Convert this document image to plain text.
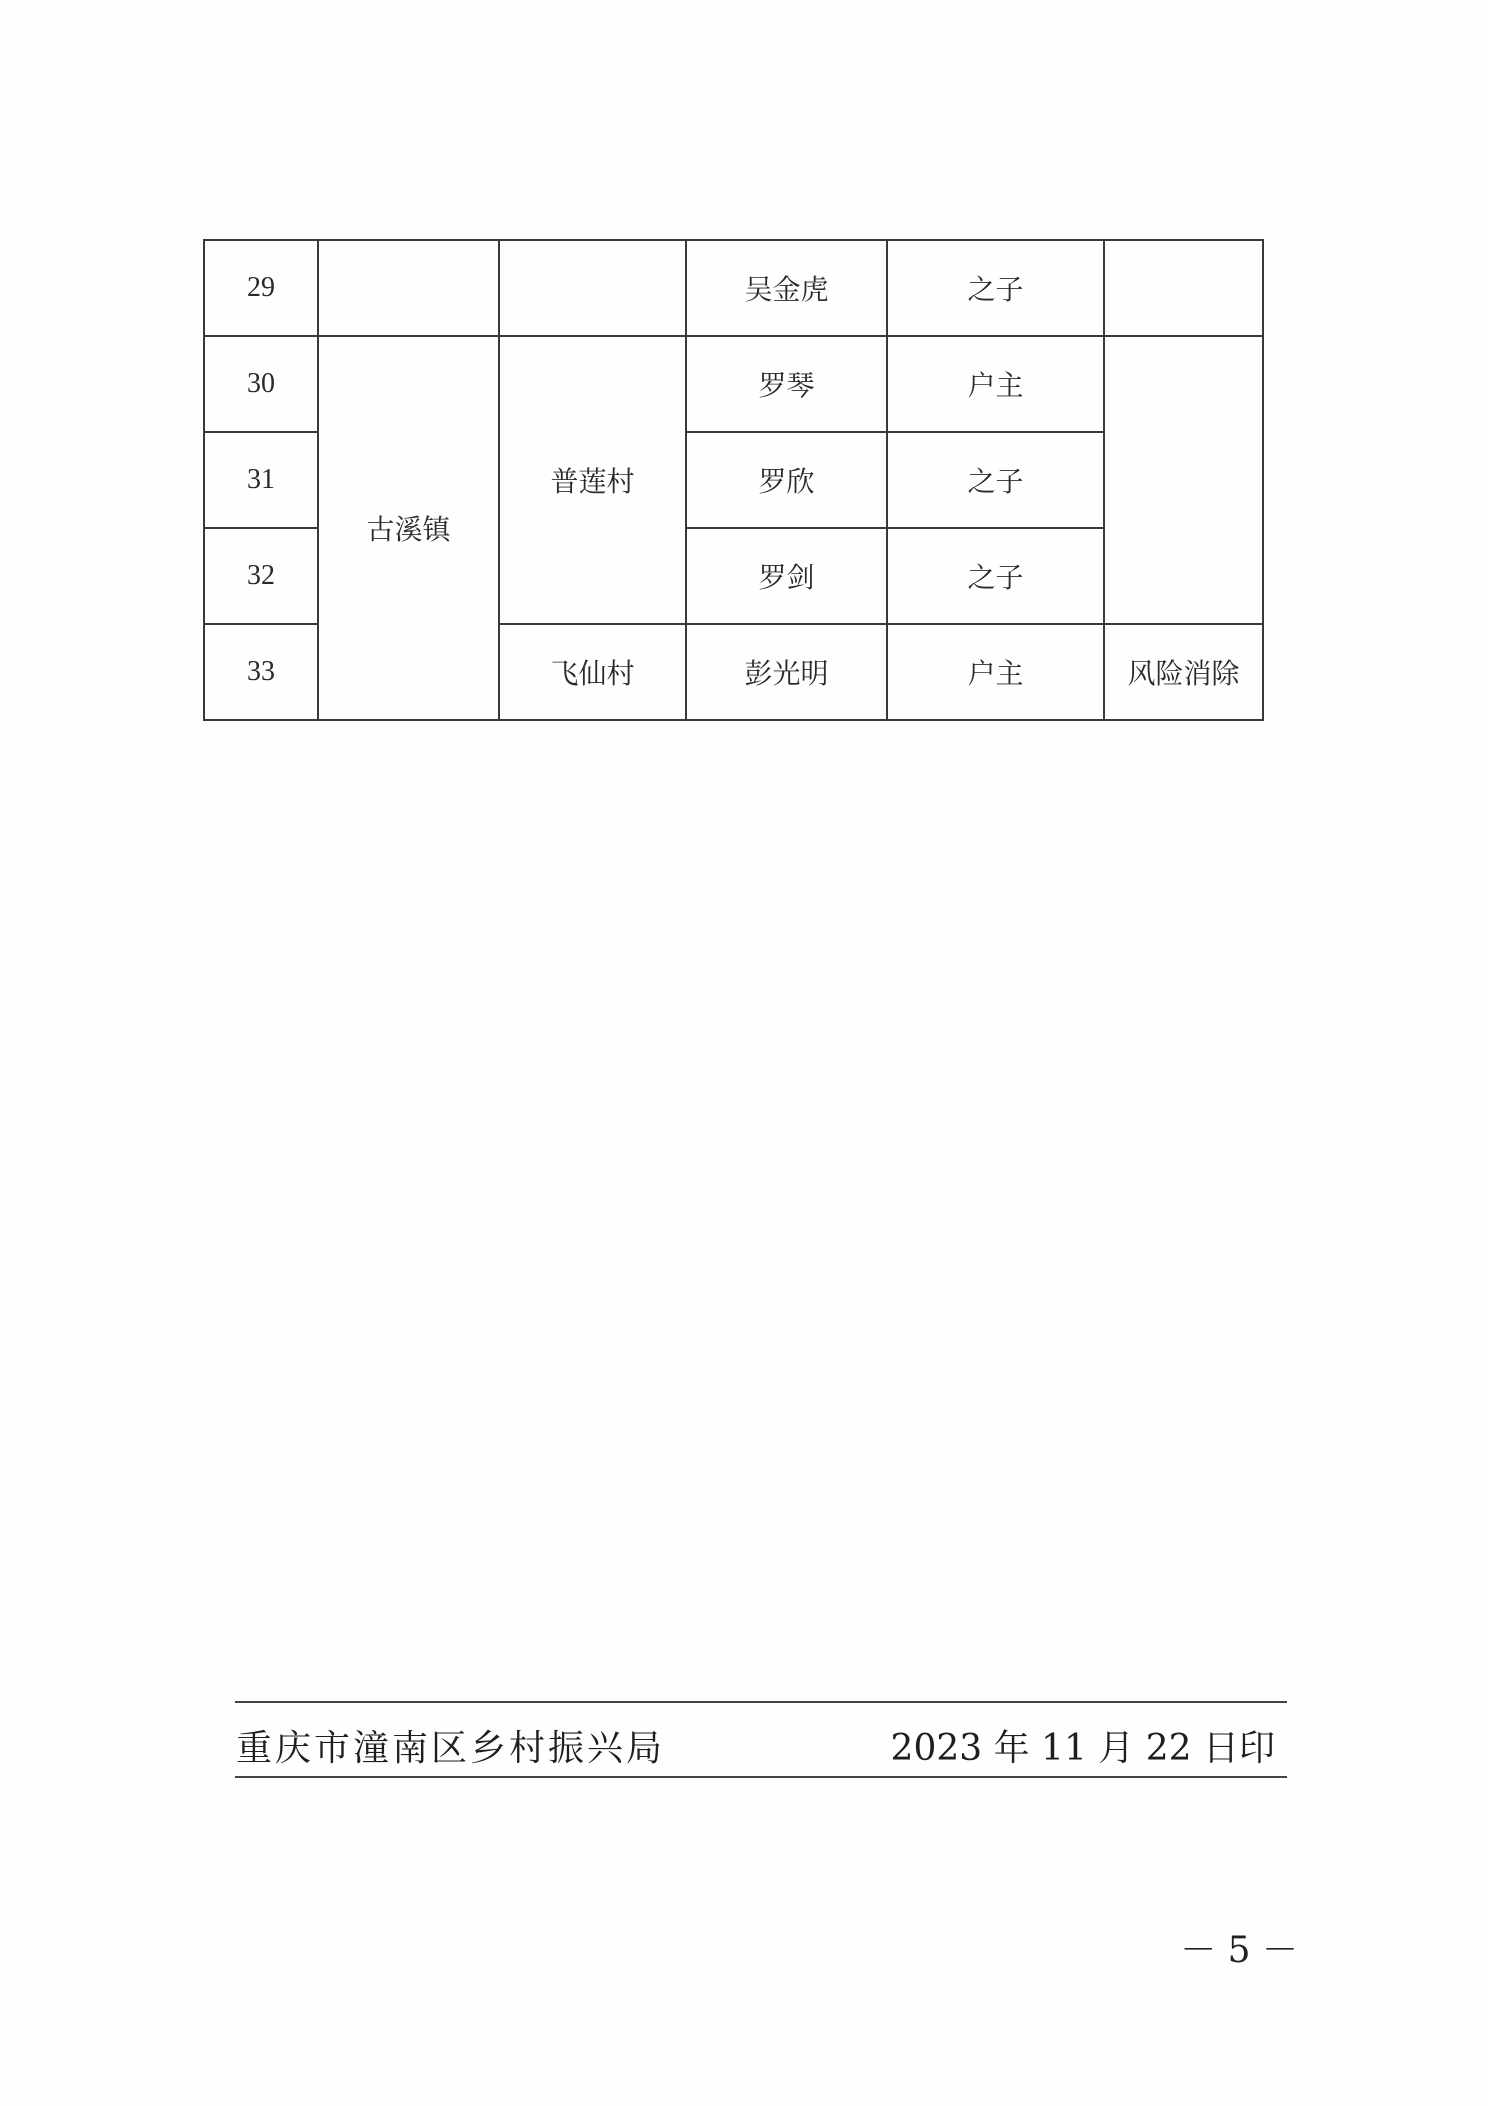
29			吴金虎	之子	
30	古溪镇	普莲村	罗琴	户主	
31			罗欣	之子	
32			罗剑	之子	
33		飞仙村	彭光明	户主	风险消除
重庆市潼南区乡村振兴局	2023 年 11 月 22 日印
－ 5 －
